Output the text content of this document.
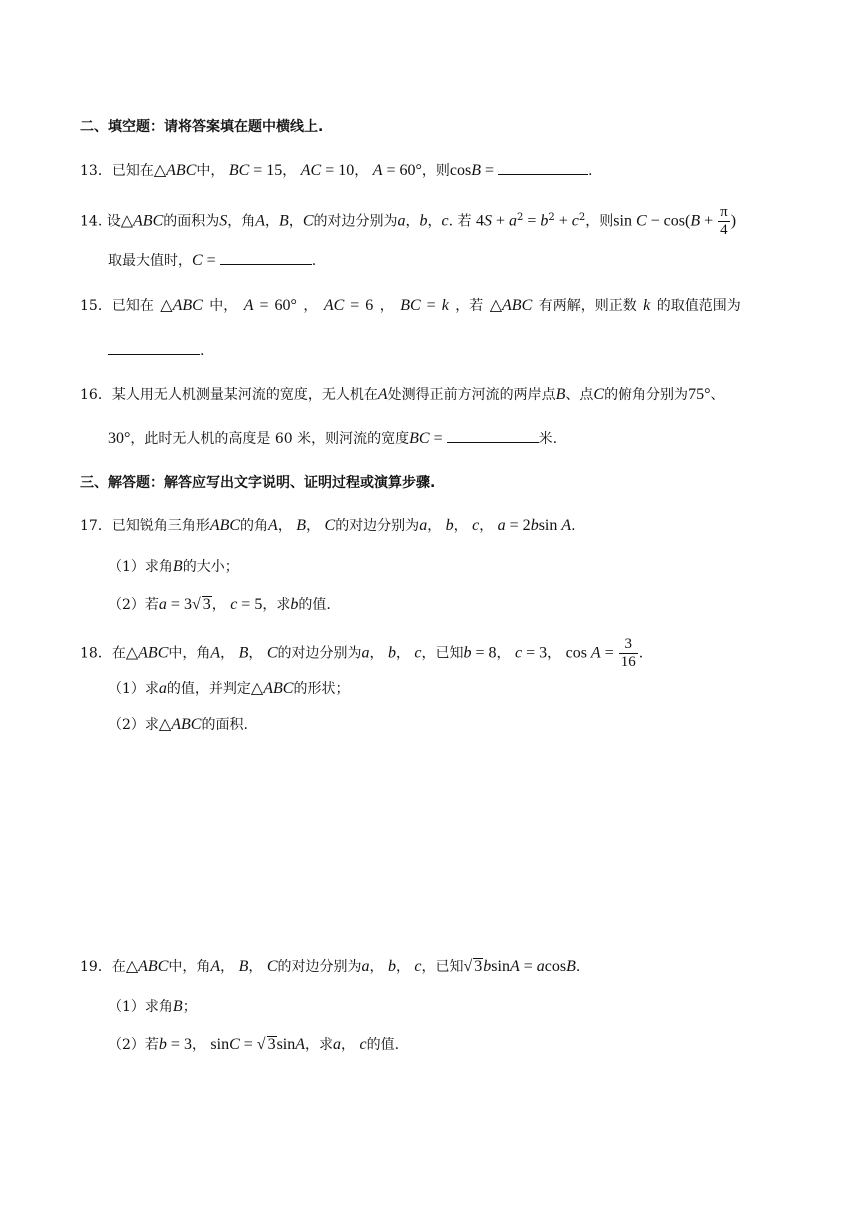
二、填空题：请将答案填在题中横线上.
13．已知在△ABC中， BC = 15， AC = 10， A = 60°，则cosB =	.
14. 设△ABC的面积为S，角A，B，C的对边分别为a，b，c. 若 $4S + a^2 = b^2 + c^2$，则$\sin C - \cos(B + \frac{\pi}{4}$ )
取最大值时，C =	.
15．已知在 △ABC 中， A = 60° ， AC = 6 ， BC = k ，若 △ABC 有两解，则正数 k 的取值范围为
.
16．某人用无人机测量某河流的宽度，无人机在A处测得正前方河流的两岸点B、点C的俯角分别为75°、
30°，此时无人机的高度是 60 米，则河流的宽度BC =	米.
三、解答题：解答应写出文字说明、证明过程或演算步骤.
17．已知锐角三角形ABC的角A， B， C的对边分别为a， b， c， a = 2bsin A.
（1）求角B的大小；
（2）若a = 3√ 3， c = 5，求b的值.
18．在△ABC中，角A， B， C的对边分别为a， b， c，已知b = 8， c = 3， $\cos A = \frac{3}{16}$ .
（1）求a的值，并判定△ABC的形状；
（2）求△ABC的面积.
19．在△ABC中，角A， B， C的对边分别为a， b， c，已知√ 3bsinA = acosB.
（1）求角B；
（2）若b = 3， sinC = √ 3sinA，求a， c的值.
